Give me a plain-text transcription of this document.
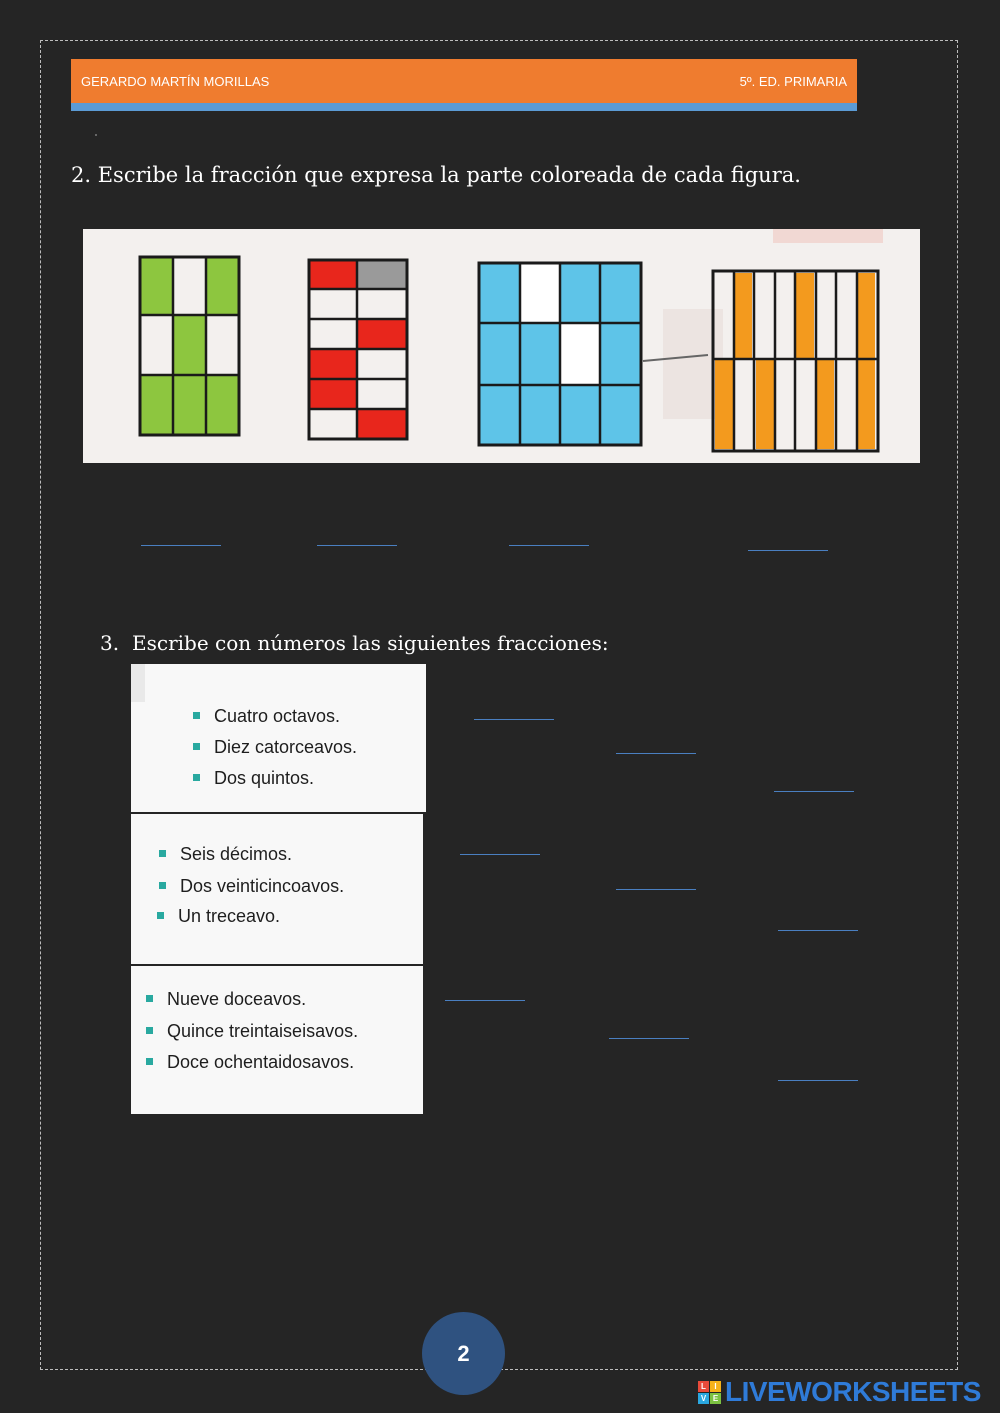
GERARDO MARTÍN MORILLAS	5º. ED. PRIMARIA
2. Escribe la fracción que expresa la parte coloreada de cada figura.
3. Escribe con números las siguientes fracciones:
Cuatro octavos.
Diez catorceavos.
Dos quintos.
Seis décimos.
Dos veinticincoavos.
Un treceavo.
Nueve doceavos.
Quince treintaiseisavos.
Doce ochentaidosavos.
2
L	I
V E LIVEWORKSHEETS
